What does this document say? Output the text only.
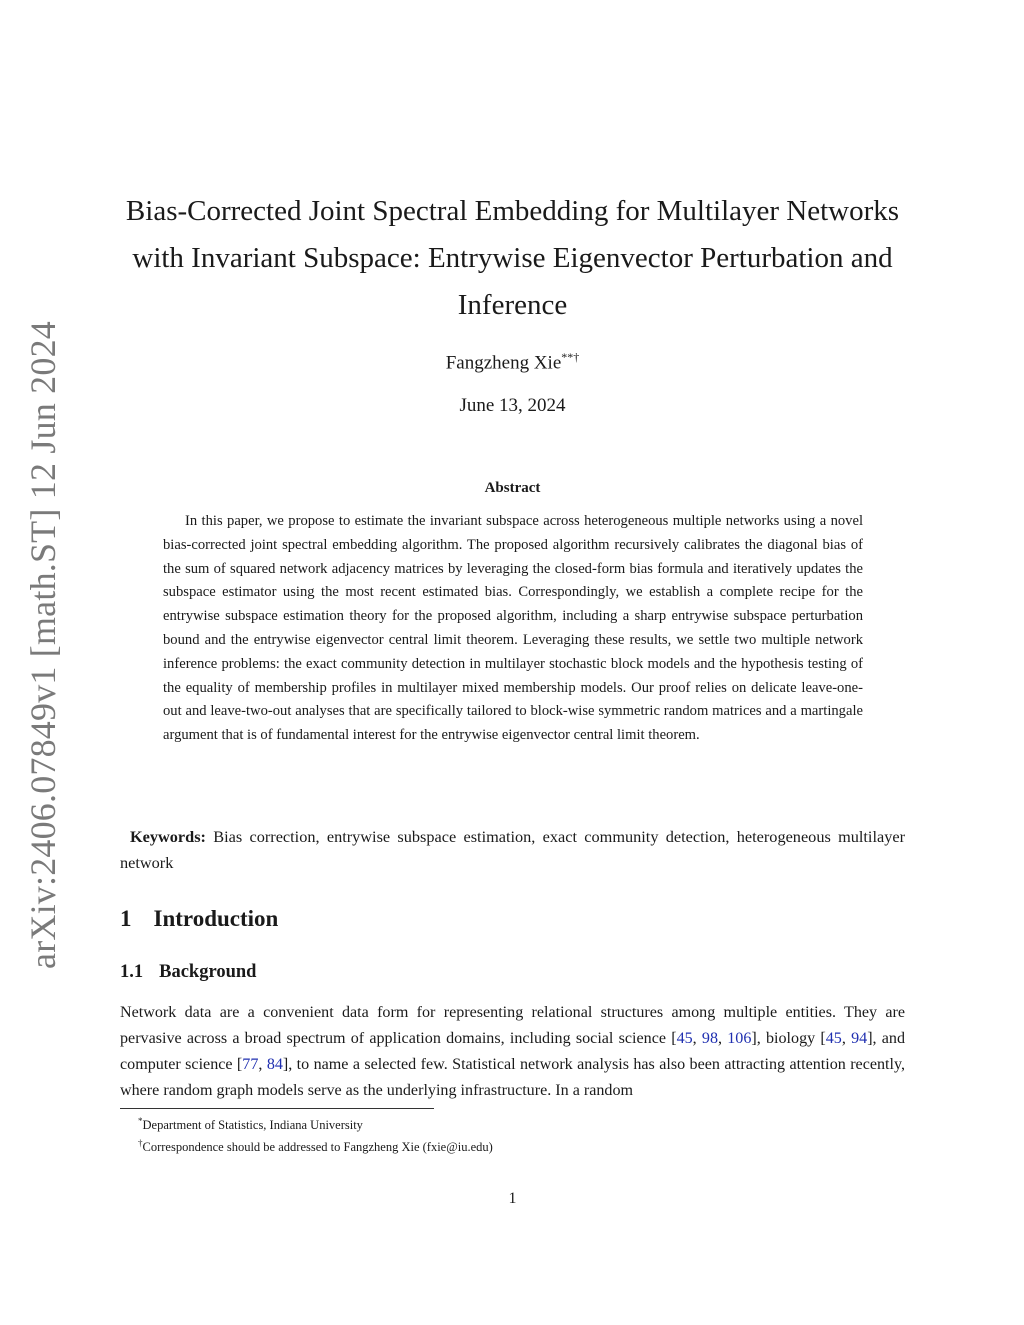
arXiv:2406.07849v1 [math.ST] 12 Jun 2024
Bias-Corrected Joint Spectral Embedding for Multilayer Networks
with Invariant Subspace: Entrywise Eigenvector Perturbation and
Inference
Fangzheng Xie**†
June 13, 2024
Abstract

In this paper, we propose to estimate the invariant subspace across heterogeneous multiple networks using a novel bias-corrected joint spectral embedding algorithm. The proposed algorithm recursively calibrates the diagonal bias of the sum of squared network adjacency matrices by leveraging the closed-form bias formula and iteratively updates the subspace estimator using the most recent estimated bias. Correspondingly, we establish a complete recipe for the entrywise subspace estimation theory for the proposed algorithm, including a sharp entrywise subspace perturbation bound and the entrywise eigenvector central limit theorem. Leveraging these results, we settle two multiple network inference problems: the exact community detection in multilayer stochastic block models and the hypothesis testing of the equality of membership profiles in multilayer mixed membership models. Our proof relies on delicate leave-one-out and leave-two-out analyses that are specifically tailored to block-wise symmetric random matrices and a martingale argument that is of fundamental interest for the entrywise eigenvector central limit theorem.

Keywords: Bias correction, entrywise subspace estimation, exact community detection, heterogeneous multilayer network

1 Introduction
1.1 Background

Network data are a convenient data form for representing relational structures among multiple entities. They are pervasive across a broad spectrum of application domains, including social science [45, 98, 106], biology [45, 94], and computer science [77, 84], to name a selected few. Statistical network analysis has also been attracting attention recently, where random graph models serve as the underlying infrastructure. In a random

*Department of Statistics, Indiana University
†Correspondence should be addressed to Fangzheng Xie (fxie@iu.edu)
1
